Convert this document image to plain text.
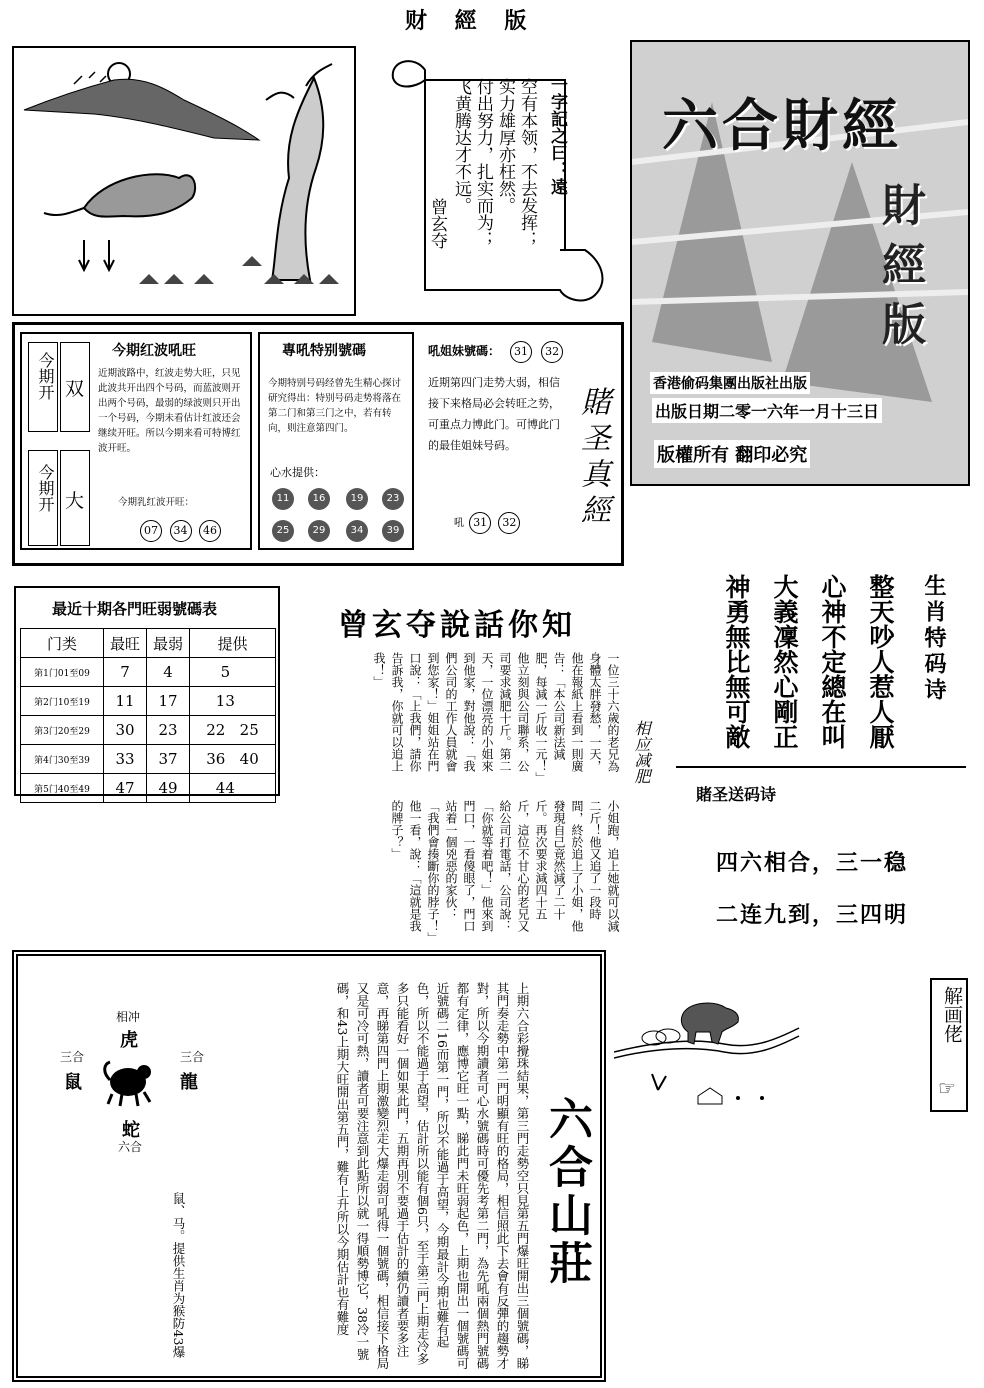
财 經 版
一字記之曰：遠
空有本领，不去发挥；
实力雄厚亦枉然。
付出努力，扎实而为；
飞黄腾达才不远。
曾玄夺
六合財經
財 經 版
香港偷码集團出版社出版
出版日期二零一六年一月十三日
版權所有 翻印必究
今期红波吼旺
今期开 双
今期开 大
近期波路中，红波走势大旺，只见此波共开出四个号码，而蓝波则开出两个号码，最弱的绿波则只开出一个号码，今期未看估计红波还会继续开旺。所以今期来看可特博红波开旺。
今期乳红波开旺：
07 34 46
專吼特别號碼
今期特别号码经曾先生精心探讨研究得出：特别号码走势将落在第二门和第三门之中，若有转向，则注意第四门。
心水提供：
11	16	19	23
25	29	34	39
吼姐妹號碼：	31 32
近期第四门走势大弱，相信接下来格局必会转旺之势，可重点力博此门。可博此门的最佳姐妹号码。
吼 31 32 賭圣真經
最近十期各門旺弱號碼表
门类	最旺	最弱	提供
第1门01至09	7	4	5
第2门10至19	11	17	13
第3门20至29	30	23	22 25
第4门30至39	33	37	36 40
第5门40至49	47	49	44
曾玄夺說話你知
相应减肥
一位三十六歲的老兄為身體太胖發愁，一天，他在報紙上看到一則廣告：「本公司新法減肥，每減一斤收一元！」他立刻與公司聯系，公司要求減肥十斤。第二天，一位漂亮的小姐來到他家，對他說：「我們公司的工作人員就會到您家！」姐姐站在門口說：「上我們，請你告訴我，你就可以追上我！」
小姐跑，追上她就可以減二斤！他又追了一段時間，終於追上了小姐，他發現自己竟然減了二十斤。再次要求減四十五斤，這位不甘心的老兄又給公司打電話，公司說：「你就等着吧！」他來到門口，一看傻眼了，門口站着一個兇惡的家伙：「我們會揍斷你的脖子！」他一看，說：「這就是我的牌子？」
生肖特码诗
整天吵人惹人厭
心神不定總在叫
大義凜然心剛正
神勇無比無可敵
賭圣送码诗
四六相合，三一稳
二连九到，三四明
相冲
虎
三合
鼠
三合
龍
蛇
六合	六合山莊
上期六合彩攪珠結果，第三門走勢空只見第五門爆旺開出三個號碼，睇其門奏走勢中第二門明顯有旺的格局，相信照此下去會有反彈的趨勢才對，所以今期讀者可心水號碼時可優先考第二門，為先吼兩個熱門號碼都有定律，應博它旺一點，睇此門未旺弱起色，上期也開出一個號碼可近號碼二16而第一門，所以不能過于高望，今期最計今期也難有起色，所以不能過于高望，估計所以能有個6只，至于第三門上期走冷多多只能看好一個如果此門，五期再別不要過于估計的續仍讀者要多注意，再睇第四門上期激變烈走大爆走弱可吼得一個號碼，相信接下格局又是可冷可熱，讀者可要注意到此點所以就一得順勢博它，38冷一號碼，和43上期大旺開出第五門，難有上升所以今期估計也有難度
鼠、马。提供生肖为猴防43爆
解画佬
☞
